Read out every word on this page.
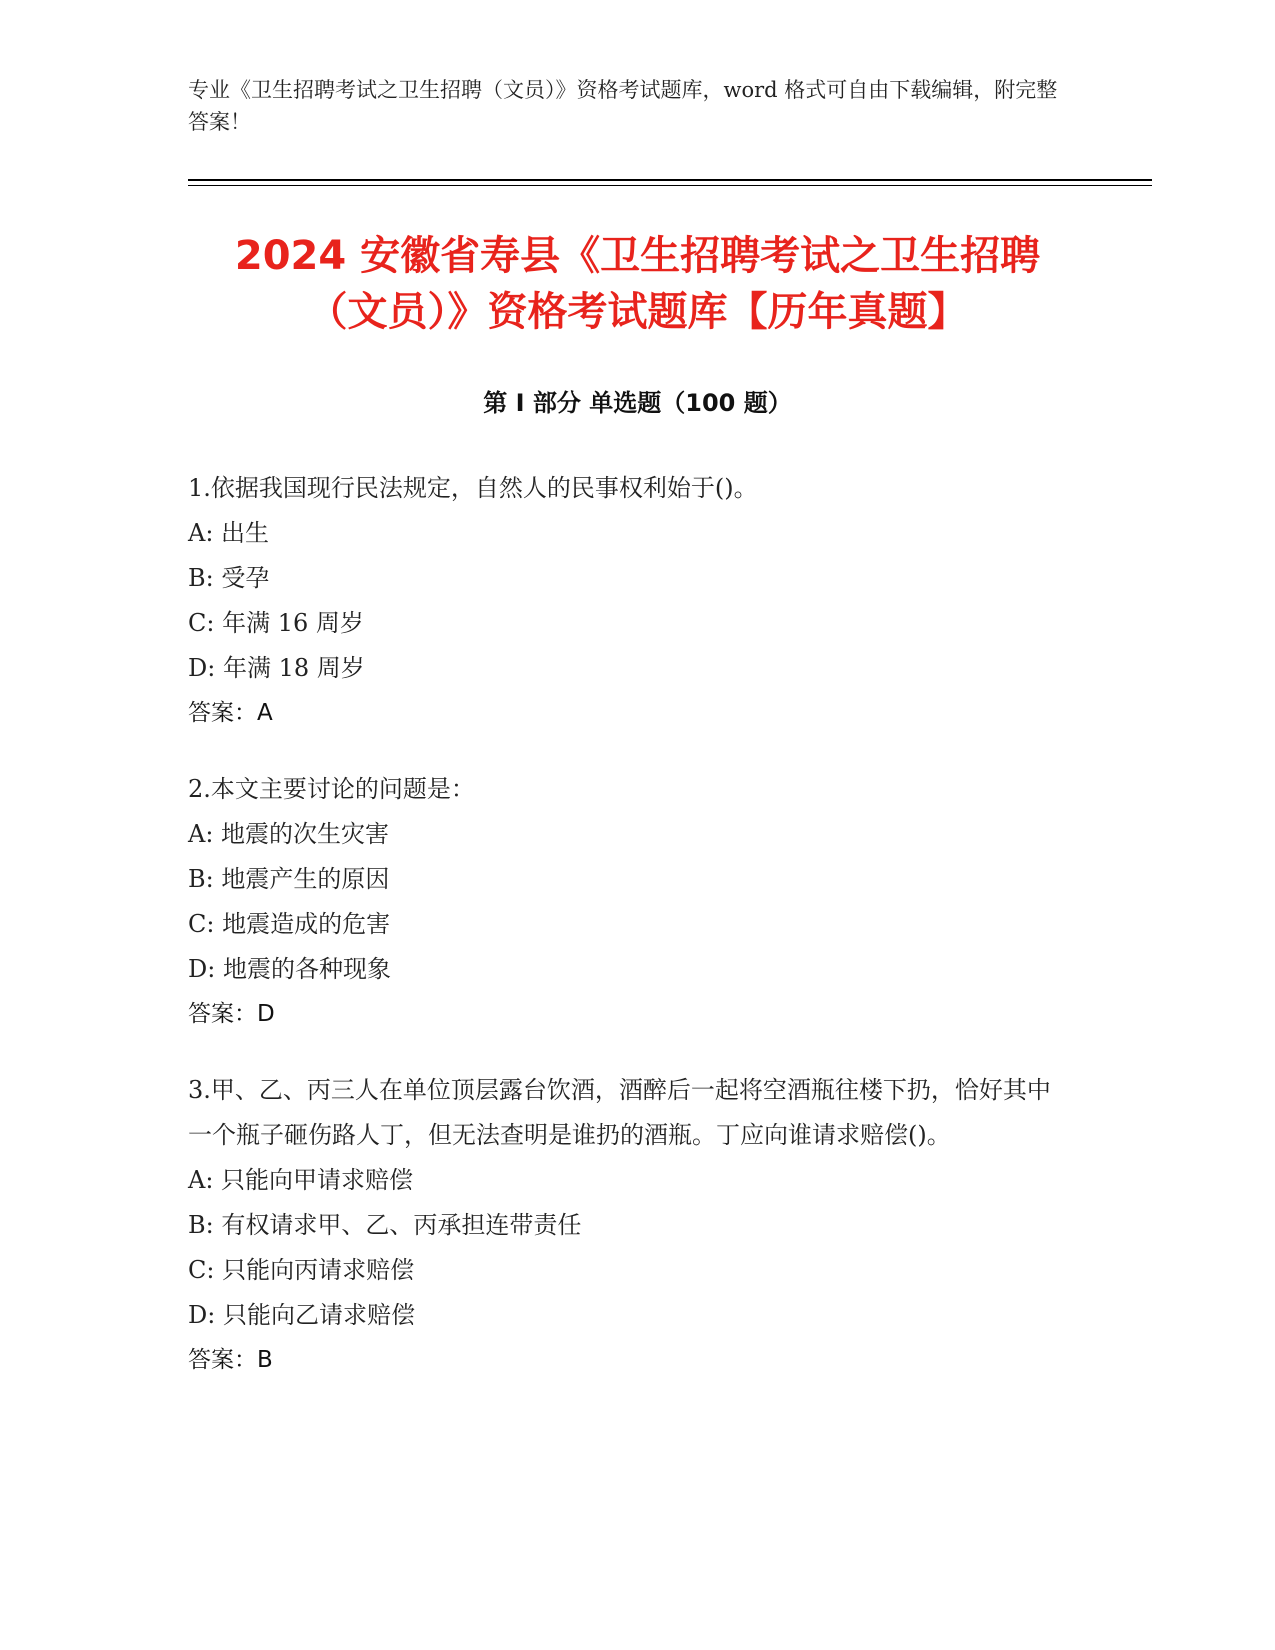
专业《卫生招聘考试之卫生招聘（文员）》资格考试题库，word 格式可自由下载编辑，附完整答案！
2024 安徽省寿县《卫生招聘考试之卫生招聘
（文员）》资格考试题库【历年真题】
第 I 部分 单选题（100 题）

1.依据我国现行民法规定，自然人的民事权利始于()。

A: 出生

B: 受孕

C: 年满 16 周岁

D: 年满 18 周岁

答案：A

2.本文主要讨论的问题是：

A: 地震的次生灾害

B: 地震产生的原因

C: 地震造成的危害

D: 地震的各种现象

答案：D

3.甲、乙、丙三人在单位顶层露台饮酒，酒醉后一起将空酒瓶往楼下扔，恰好其中一个瓶子砸伤路人丁，但无法查明是谁扔的酒瓶。丁应向谁请求赔偿()。

A: 只能向甲请求赔偿

B: 有权请求甲、乙、丙承担连带责任

C: 只能向丙请求赔偿

D: 只能向乙请求赔偿

答案：B
